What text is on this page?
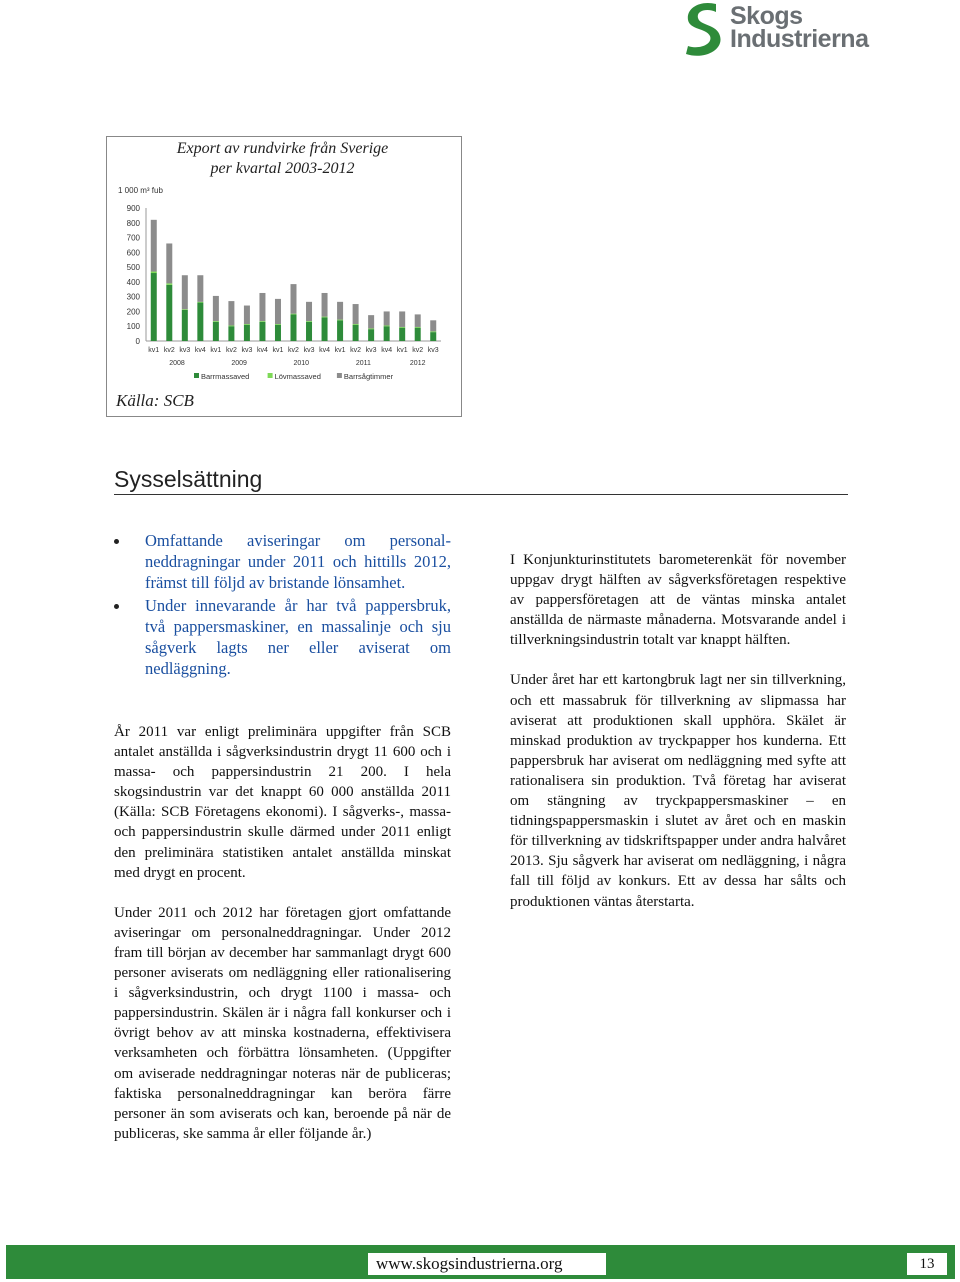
Skogs
Industrierna
Export av rundvirke från Sverige
per kvartal 2003-2012
1 000 m³ fub
0
100
200
300
400
500
600
700
800
900
kv1 kv2 kv3 kv4 kv1 kv2 kv3 kv4 kv1 kv2 kv3 kv4 kv1 kv2 kv3 kv4 kv1 kv2 kv3
2008	2009	2010	2011	2012
Barrmassaved	Lövmassaved	Barrsågtimmer
Källa: SCB
Sysselsättning
Omfattande aviseringar om personalneddragningar under 2011 och hittills 2012, främst till följd av bristande lönsamhet.
Under innevarande år har två pappersbruk, två pappersmaskiner, en massalinje och sju sågverk lagts ner eller aviserat om nedläggning.

År 2011 var enligt preliminära uppgifter från SCB antalet anställda i sågverksindustrin drygt 11 600 och i massa- och pappersindustrin 21 200. I hela skogsindustrin var det knappt 60 000 anställda 2011 (Källa: SCB Företagens ekonomi). I sågverks-, massa- och pappersindustrin skulle därmed under 2011 enligt den preliminära statistiken antalet anställda minskat med drygt en procent.

Under 2011 och 2012 har företagen gjort omfattande aviseringar om personalneddragningar. Under 2012 fram till början av december har sammanlagt drygt 600 personer aviserats om nedläggning eller rationalisering i sågverksindustrin, och drygt 1100 i massa- och pappersindustrin. Skälen är i några fall konkurser och i övrigt behov av att minska kostnaderna, effektivisera verksamheten och förbättra lönsamheten. (Uppgifter om aviserade neddragningar noteras när de publiceras; faktiska personalneddragningar kan beröra färre personer än som aviserats och kan, beroende på när de publiceras, ske samma år eller följande år.)

I Konjunkturinstitutets barometerenkät för november uppgav drygt hälften av sågverksföretagen respektive av pappersföretagen att de väntas minska antalet anställda de närmaste månaderna. Motsvarande andel i tillverkningsindustrin totalt var knappt hälften.

Under året har ett kartongbruk lagt ner sin tillverkning, och ett massabruk för tillverkning av slipmassa har aviserat att produktionen skall upphöra. Skälet är minskad produktion av tryckpapper hos kunderna. Ett pappersbruk har aviserat om nedläggning med syfte att rationalisera sin produktion. Två företag har aviserat om stängning av tryckpappersmaskiner – en tidningspappersmaskin i slutet av året och en maskin för tillverkning av tidskriftspapper under andra halvåret 2013. Sju sågverk har aviserat om nedläggning, i några fall till följd av konkurs. Ett av dessa har sålts och produktionen väntas återstarta.

www.skogsindustrierna.org	13
